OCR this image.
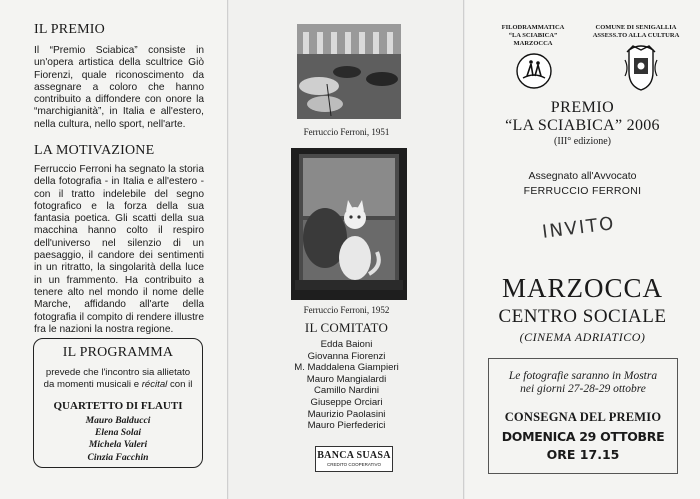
IL PREMIO
Il “Premio Sciabica” consiste in un'opera artistica della scultrice Giò Fiorenzi, quale riconoscimento da assegnare a coloro che hanno contribuito a diffondere con onore la “marchigianità”, in Italia e all'estero, nella cultura, nello sport, nell'arte.
LA MOTIVAZIONE
Ferruccio Ferroni ha segnato la storia della fotografia - in Italia e all'estero - con il tratto indelebile del segno fotografico e la forza della sua fantasia poetica. Gli scatti della sua macchina hanno colto il respiro dell'universo nel silenzio di un paesaggio, il candore dei sentimenti in un ritratto, la singolarità della luce in un frammento. Ha contribuito a tenere alto nel mondo il nome delle Marche, affidando all'arte della fotografia il compito di rendere illustre fra le nazioni la nostra regione.
IL PROGRAMMA
prevede che l'incontro sia allietato da momenti musicali e récital con il
QUARTETTO DI FLAUTI
Mauro Balducci
Elena Solai
Michela Valeri
Cinzia Facchin
Ferruccio Ferroni, 1951
Ferruccio Ferroni, 1952
IL COMITATO
Edda Baioni
Giovanna Fiorenzi
M. Maddalena Giampieri
Mauro Mangialardi
Camillo Nardini
Giuseppe Orciari
Maurizio Paolasini
Mauro Pierfederici
BANCA SUASA
CREDITO COOPERATIVO
FILODRAMMATICA
“LA SCIABICA”
MARZOCCA
COMUNE DI SENIGALLIA
ASSESS.TO ALLA CULTURA
PREMIO
“LA SCIABICA” 2006
(III° edizione)
Assegnato all'Avvocato
FERRUCCIO FERRONI
INVITO
MARZOCCA
CENTRO SOCIALE
(CINEMA ADRIATICO)
Le fotografie saranno in Mostra
nei giorni 27-28-29 ottobre
CONSEGNA DEL PREMIO
DOMENICA 29 OTTOBRE
ORE 17.15
